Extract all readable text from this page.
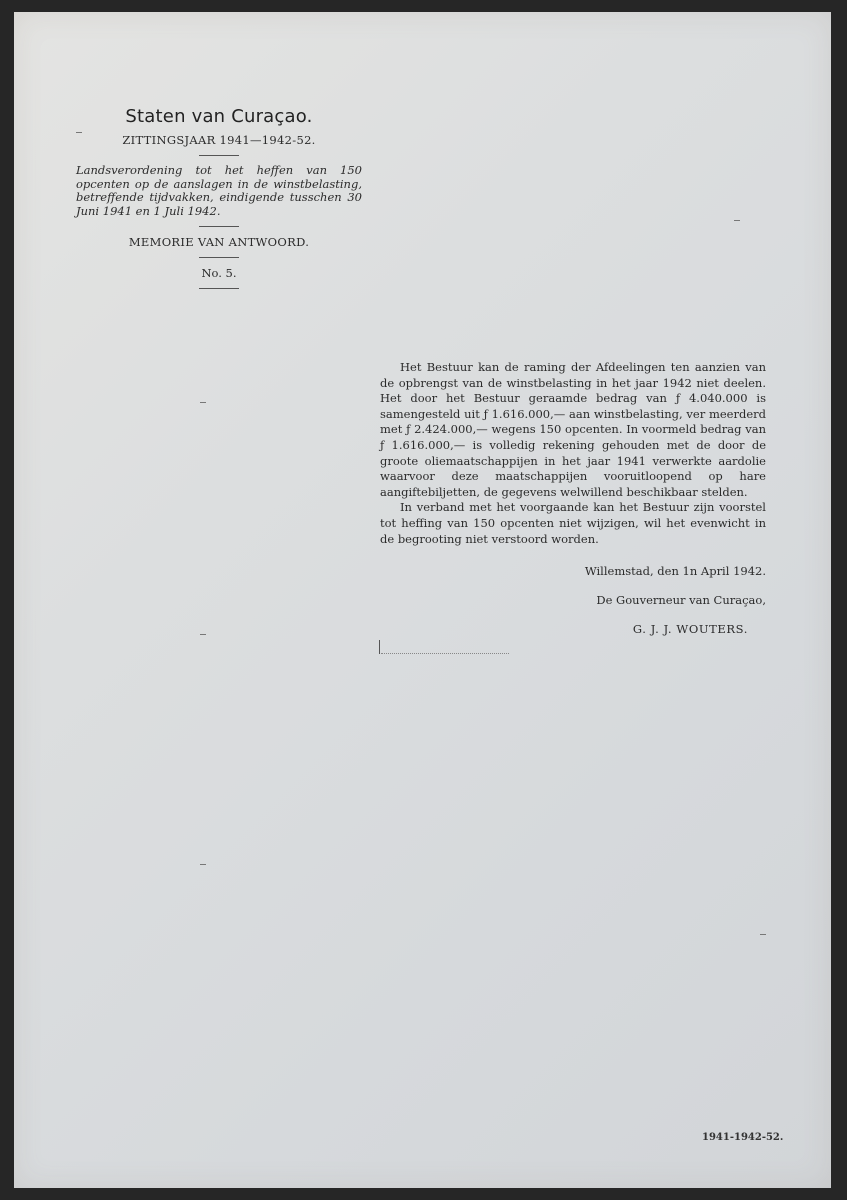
Staten van Curaçao.
ZITTINGSJAAR 1941—1942-52.
Landsverordening tot het heffen van 150 opcenten op de aanslagen in de winstbelasting, betreffende tijdvakken, eindigende tusschen 30 Juni 1941 en 1 Juli 1942.
MEMORIE VAN ANTWOORD.
No. 5.

Het Bestuur kan de raming der Afdeelingen ten aanzien van de opbrengst van de winstbelasting in het jaar 1942 niet deelen. Het door het Bestuur geraamde bedrag van ƒ 4.040.000 is samengesteld uit ƒ 1.616.000,— aan winstbelasting, ver meerderd met ƒ 2.424.000,— wegens 150 opcenten. In voormeld bedrag van ƒ 1.616.000,— is volledig rekening gehouden met de door de groote oliemaatschappijen in het jaar 1941 verwerkte aardolie waarvoor deze maatschappijen vooruitloopend op hare aangiftebiljetten, de gegevens welwillend beschikbaar stelden.

In verband met het voorgaande kan het Bestuur zijn voorstel tot heffing van 150 opcenten niet wijzigen, wil het evenwicht in de begrooting niet verstoord worden.

Willemstad, den 1n April 1942.
De Gouverneur van Curaçao,
G. J. J. WOUTERS.
1941-1942-52.
